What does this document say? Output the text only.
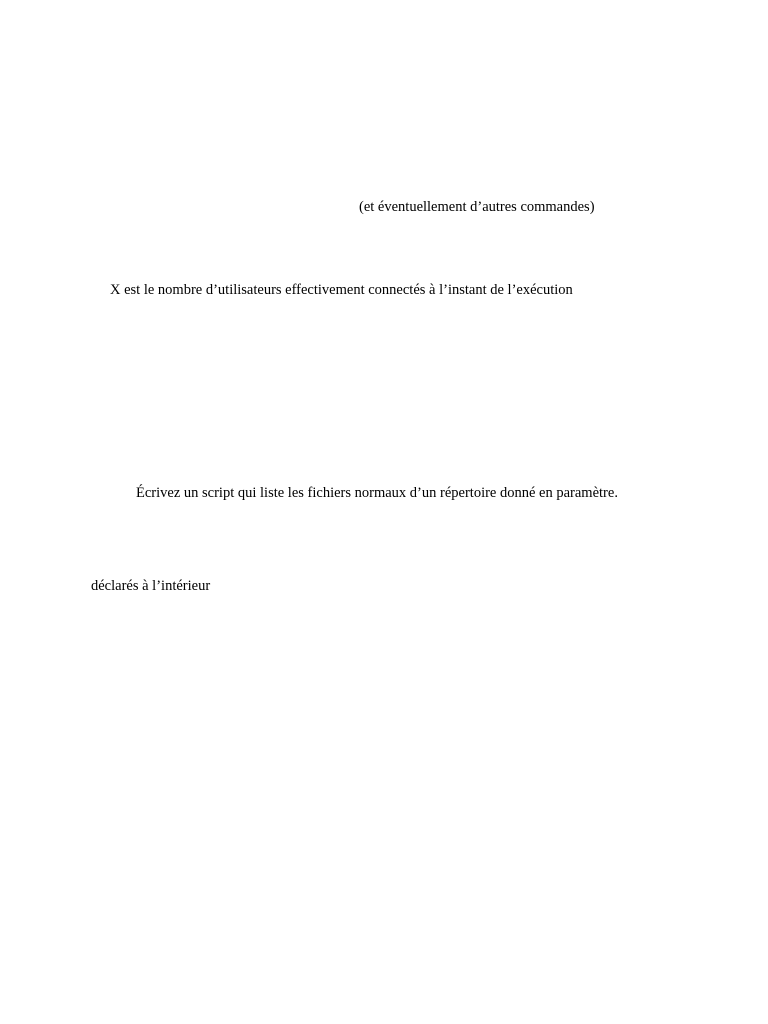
(et éventuellement d’autres commandes)

X est le nombre d’utilisateurs effectivement connectés à l’instant de l’exécution

Écrivez un script qui liste les fichiers normaux d’un répertoire donné en paramètre.

déclarés à l’intérieur
